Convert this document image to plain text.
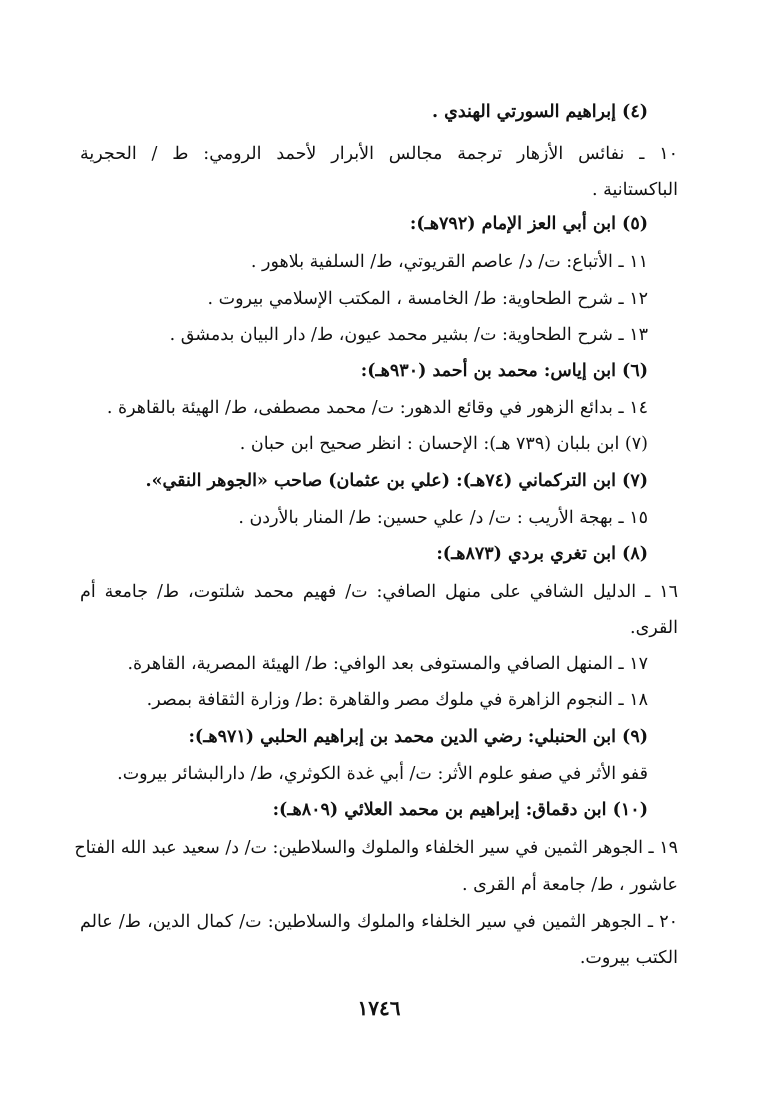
(٤) إبراهيم السورتي الهندي .
١٠ ـ نفائس الأزهار ترجمة مجالس الأبرار لأحمد الرومي: ط / الحجرية
الباكستانية .
(٥) ابن أبي العز الإمام (٧٩٢هـ):
١١ ـ الأتباع: ت/ د/ عاصم القريوتي، ط/ السلفية بلاهور .
١٢ ـ شرح الطحاوية: ط/ الخامسة ، المكتب الإسلامي بيروت .
١٣ ـ شرح الطحاوية: ت/ بشير محمد عيون، ط/ دار البيان بدمشق .
(٦) ابن إياس: محمد بن أحمد (٩٣٠هـ):
١٤ ـ بدائع الزهور في وقائع الدهور: ت/ محمد مصطفى، ط/ الهيئة بالقاهرة .
(٧) ابن بلبان (٧٣٩ هـ): الإحسان : انظر صحيح ابن حبان .
(٧) ابن التركماني (٧٤هـ): (علي بن عثمان) صاحب «الجوهر النقي».
١٥ ـ بهجة الأريب : ت/ د/ علي حسين: ط/ المنار بالأردن .
(٨) ابن تغري بردي (٨٧٣هـ):
١٦ ـ الدليل الشافي على منهل الصافي: ت/ فهيم محمد شلتوت، ط/ جامعة أم
القرى.
١٧ ـ المنهل الصافي والمستوفى بعد الوافي: ط/ الهيئة المصرية، القاهرة.
١٨ ـ النجوم الزاهرة في ملوك مصر والقاهرة :ط/ وزارة الثقافة بمصر.
(٩) ابن الحنبلي: رضي الدين محمد بن إبراهيم الحلبي (٩٧١هـ):
قفو الأثر في صفو علوم الأثر: ت/ أبي غدة الكوثري، ط/ دارالبشائر بيروت.
(١٠) ابن دقماق: إبراهيم بن محمد العلائي (٨٠٩هـ):
١٩ ـ الجوهر الثمين في سير الخلفاء والملوك والسلاطين: ت/ د/ سعيد عبد الله الفتاح
عاشور ، ط/ جامعة أم القرى .
٢٠ ـ الجوهر الثمين في سير الخلفاء والملوك والسلاطين: ت/ كمال الدين، ط/ عالم
الكتب بيروت.
١٧٤٦
